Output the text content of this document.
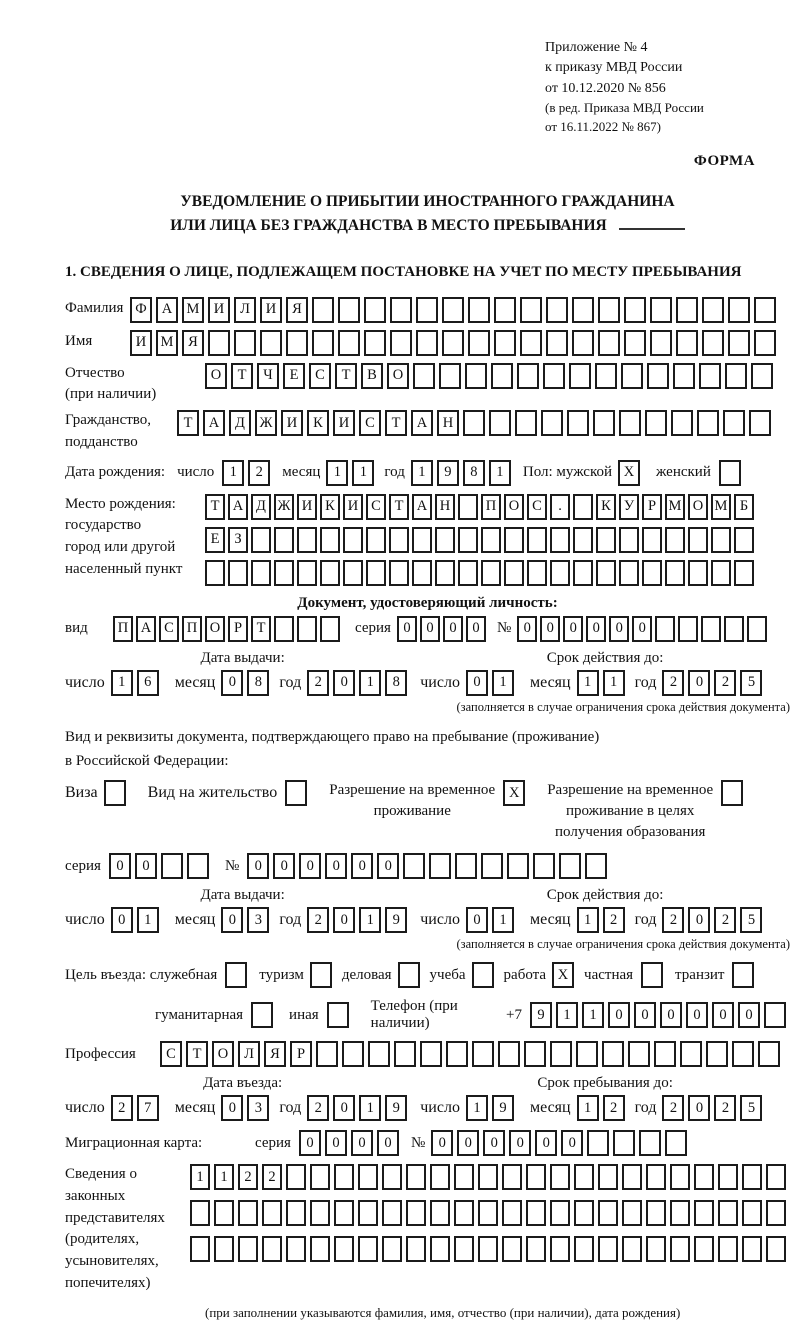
Приложение № 4
к приказу МВД России
от 10.12.2020 № 856
(в ред. Приказа МВД России
от 16.11.2022 № 867)
ФОРМА
УВЕДОМЛЕНИЕ О ПРИБЫТИИ ИНОСТРАННОГО ГРАЖДАНИНА
ИЛИ ЛИЦА БЕЗ ГРАЖДАНСТВА В МЕСТО ПРЕБЫВАНИЯ
1. СВЕДЕНИЯ О ЛИЦЕ, ПОДЛЕЖАЩЕМ ПОСТАНОВКЕ НА УЧЕТ ПО МЕСТУ ПРЕБЫВАНИЯ
Фамилия Ф	А М И	Л	И	Я
Имя	И М	Я
Отчество
(при наличии)
О	Т	Ч	Е	С	Т	В	О
Гражданство,
подданство
Т	А	Д	Ж И	К	И	С	Т	А	Н
Дата рождения: число	1	2	месяц 1	1	год 1	9	8	1	Пол: мужской X	женский
Место рождения:
государство
город или другой
населенный пункт
Т А Д Ж И К И С Т А Н	П О С	.	К У Р М О М Б
Е	З
Документ, удостоверяющий личность:
вид	П А С П О Р	Т	серия 0	0	0	0	№ 0	0	0	0	0	0
Дата выдачи:
число 1	6	месяц 0	8	год 2	0	1	8
Срок действия до:
число 0	1	месяц 1	1	год 2	0	2	5
(заполняется в случае ограничения срока действия документа)
Вид и реквизиты документа, подтверждающего право на пребывание (проживание)
в Российской Федерации:
Виза	Вид на жительство	Разрешение на временное
проживание
X	Разрешение на временное
проживание в целях
получения образования
серия	0	0	№	0	0	0	0	0	0
Дата выдачи:
число 0	1	месяц 0	3	год 2	0	1	9
Срок действия до:
число 0	1	месяц 1	2	год 2	0	2	5
(заполняется в случае ограничения срока действия документа)
Цель въезда: служебная	туризм	деловая	учеба	работа X	частная	транзит
гуманитарная	иная
Телефон (при наличии)
+7	9	1	1	0	0	0	0	0	0
Профессия	С	Т	О	Л	Я	Р
Дата въезда:
число 2	7	месяц 0	3	год 2	0	1	9
Срок пребывания до:
число 1	9	месяц 1	2	год 2	0	2	5
Миграционная карта:	серия	0	0	0	0	№ 0	0	0	0	0	0
Сведения о
законных
представителях
(родителях,
усыновителях,
попечителях)
1	1	2	2
(при заполнении указываются фамилия, имя, отчество (при наличии), дата рождения)
